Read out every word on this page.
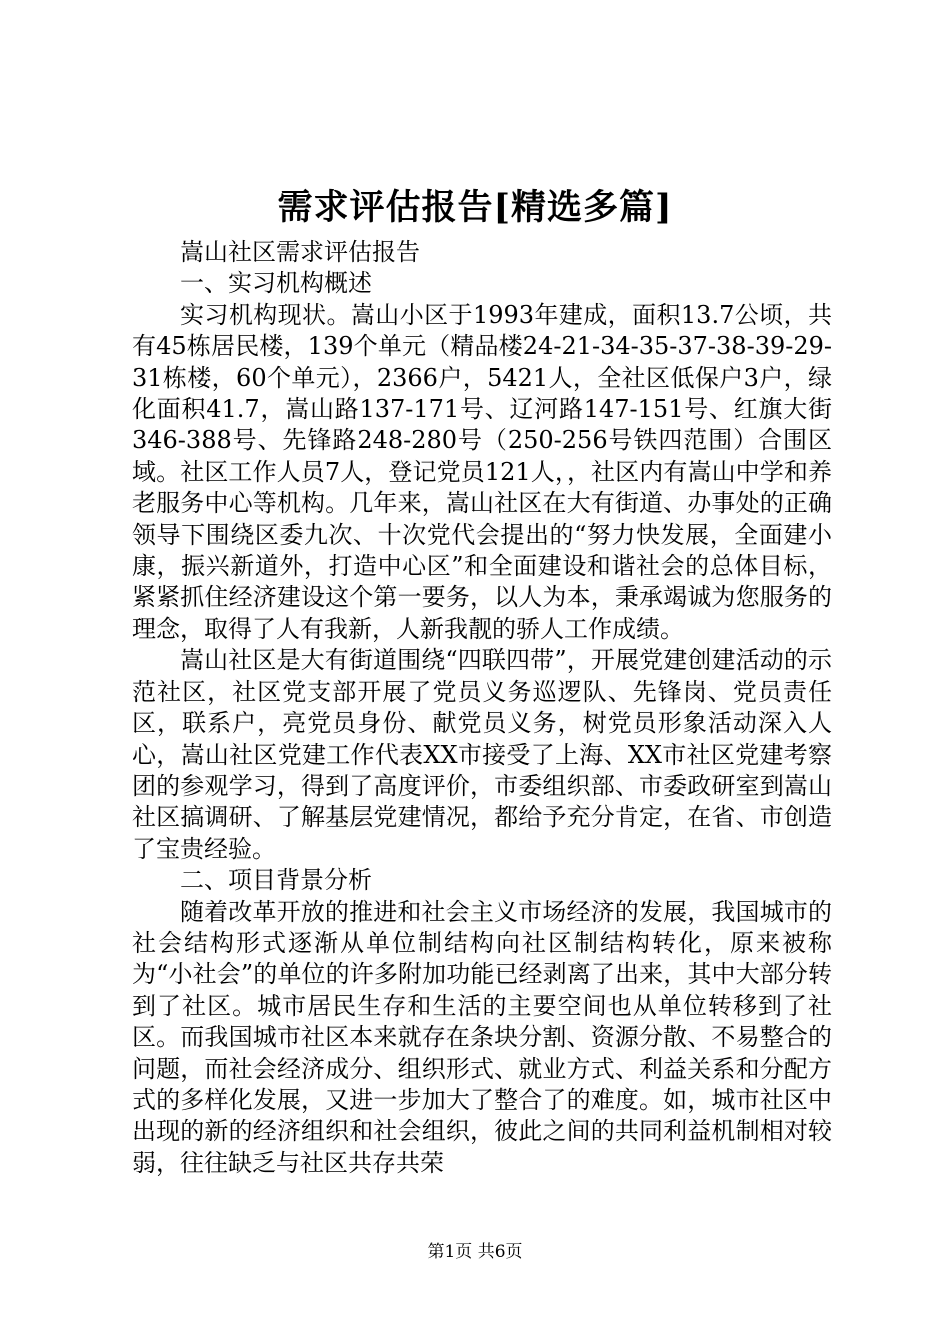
需求评估报告[精选多篇]

嵩山社区需求评估报告

一、实习机构概述

实习机构现状。嵩山小区于1993年建成，面积13.7公顷，共有45栋居民楼，139个单元（精品楼24-21-34-35-37-38-39-29-31栋楼，60个单元），2366户，5421人，全社区低保户3户，绿化面积41.7，嵩山路137-171号、辽河路147-151号、红旗大街346-388号、先锋路248-280号（250-256号铁四范围）合围区域。社区工作人员7人，登记党员121人，，社区内有嵩山中学和养老服务中心等机构。几年来，嵩山社区在大有街道、办事处的正确领导下围绕区委九次、十次党代会提出的“努力快发展，全面建小康，振兴新道外，打造中心区”和全面建设和谐社会的总体目标，紧紧抓住经济建设这个第一要务，以人为本，秉承竭诚为您服务的理念，取得了人有我新，人新我靓的骄人工作成绩。

嵩山社区是大有街道围绕“四联四带”，开展党建创建活动的示范社区，社区党支部开展了党员义务巡逻队、先锋岗、党员责任区，联系户，亮党员身份、献党员义务，树党员形象活动深入人心，嵩山社区党建工作代表XX市接受了上海、XX市社区党建考察团的参观学习，得到了高度评价，市委组织部、市委政研室到嵩山社区搞调研、了解基层党建情况，都给予充分肯定，在省、市创造了宝贵经验。

二、项目背景分析

随着改革开放的推进和社会主义市场经济的发展，我国城市的社会结构形式逐渐从单位制结构向社区制结构转化，原来被称为“小社会”的单位的许多附加功能已经剥离了出来，其中大部分转到了社区。城市居民生存和生活的主要空间也从单位转移到了社区。而我国城市社区本来就存在条块分割、资源分散、不易整合的问题，而社会经济成分、组织形式、就业方式、利益关系和分配方式的多样化发展，又进一步加大了整合了的难度。如，城市社区中出现的新的经济组织和社会组织，彼此之间的共同利益机制相对较弱，往往缺乏与社区共存共荣

第1页 共6页
